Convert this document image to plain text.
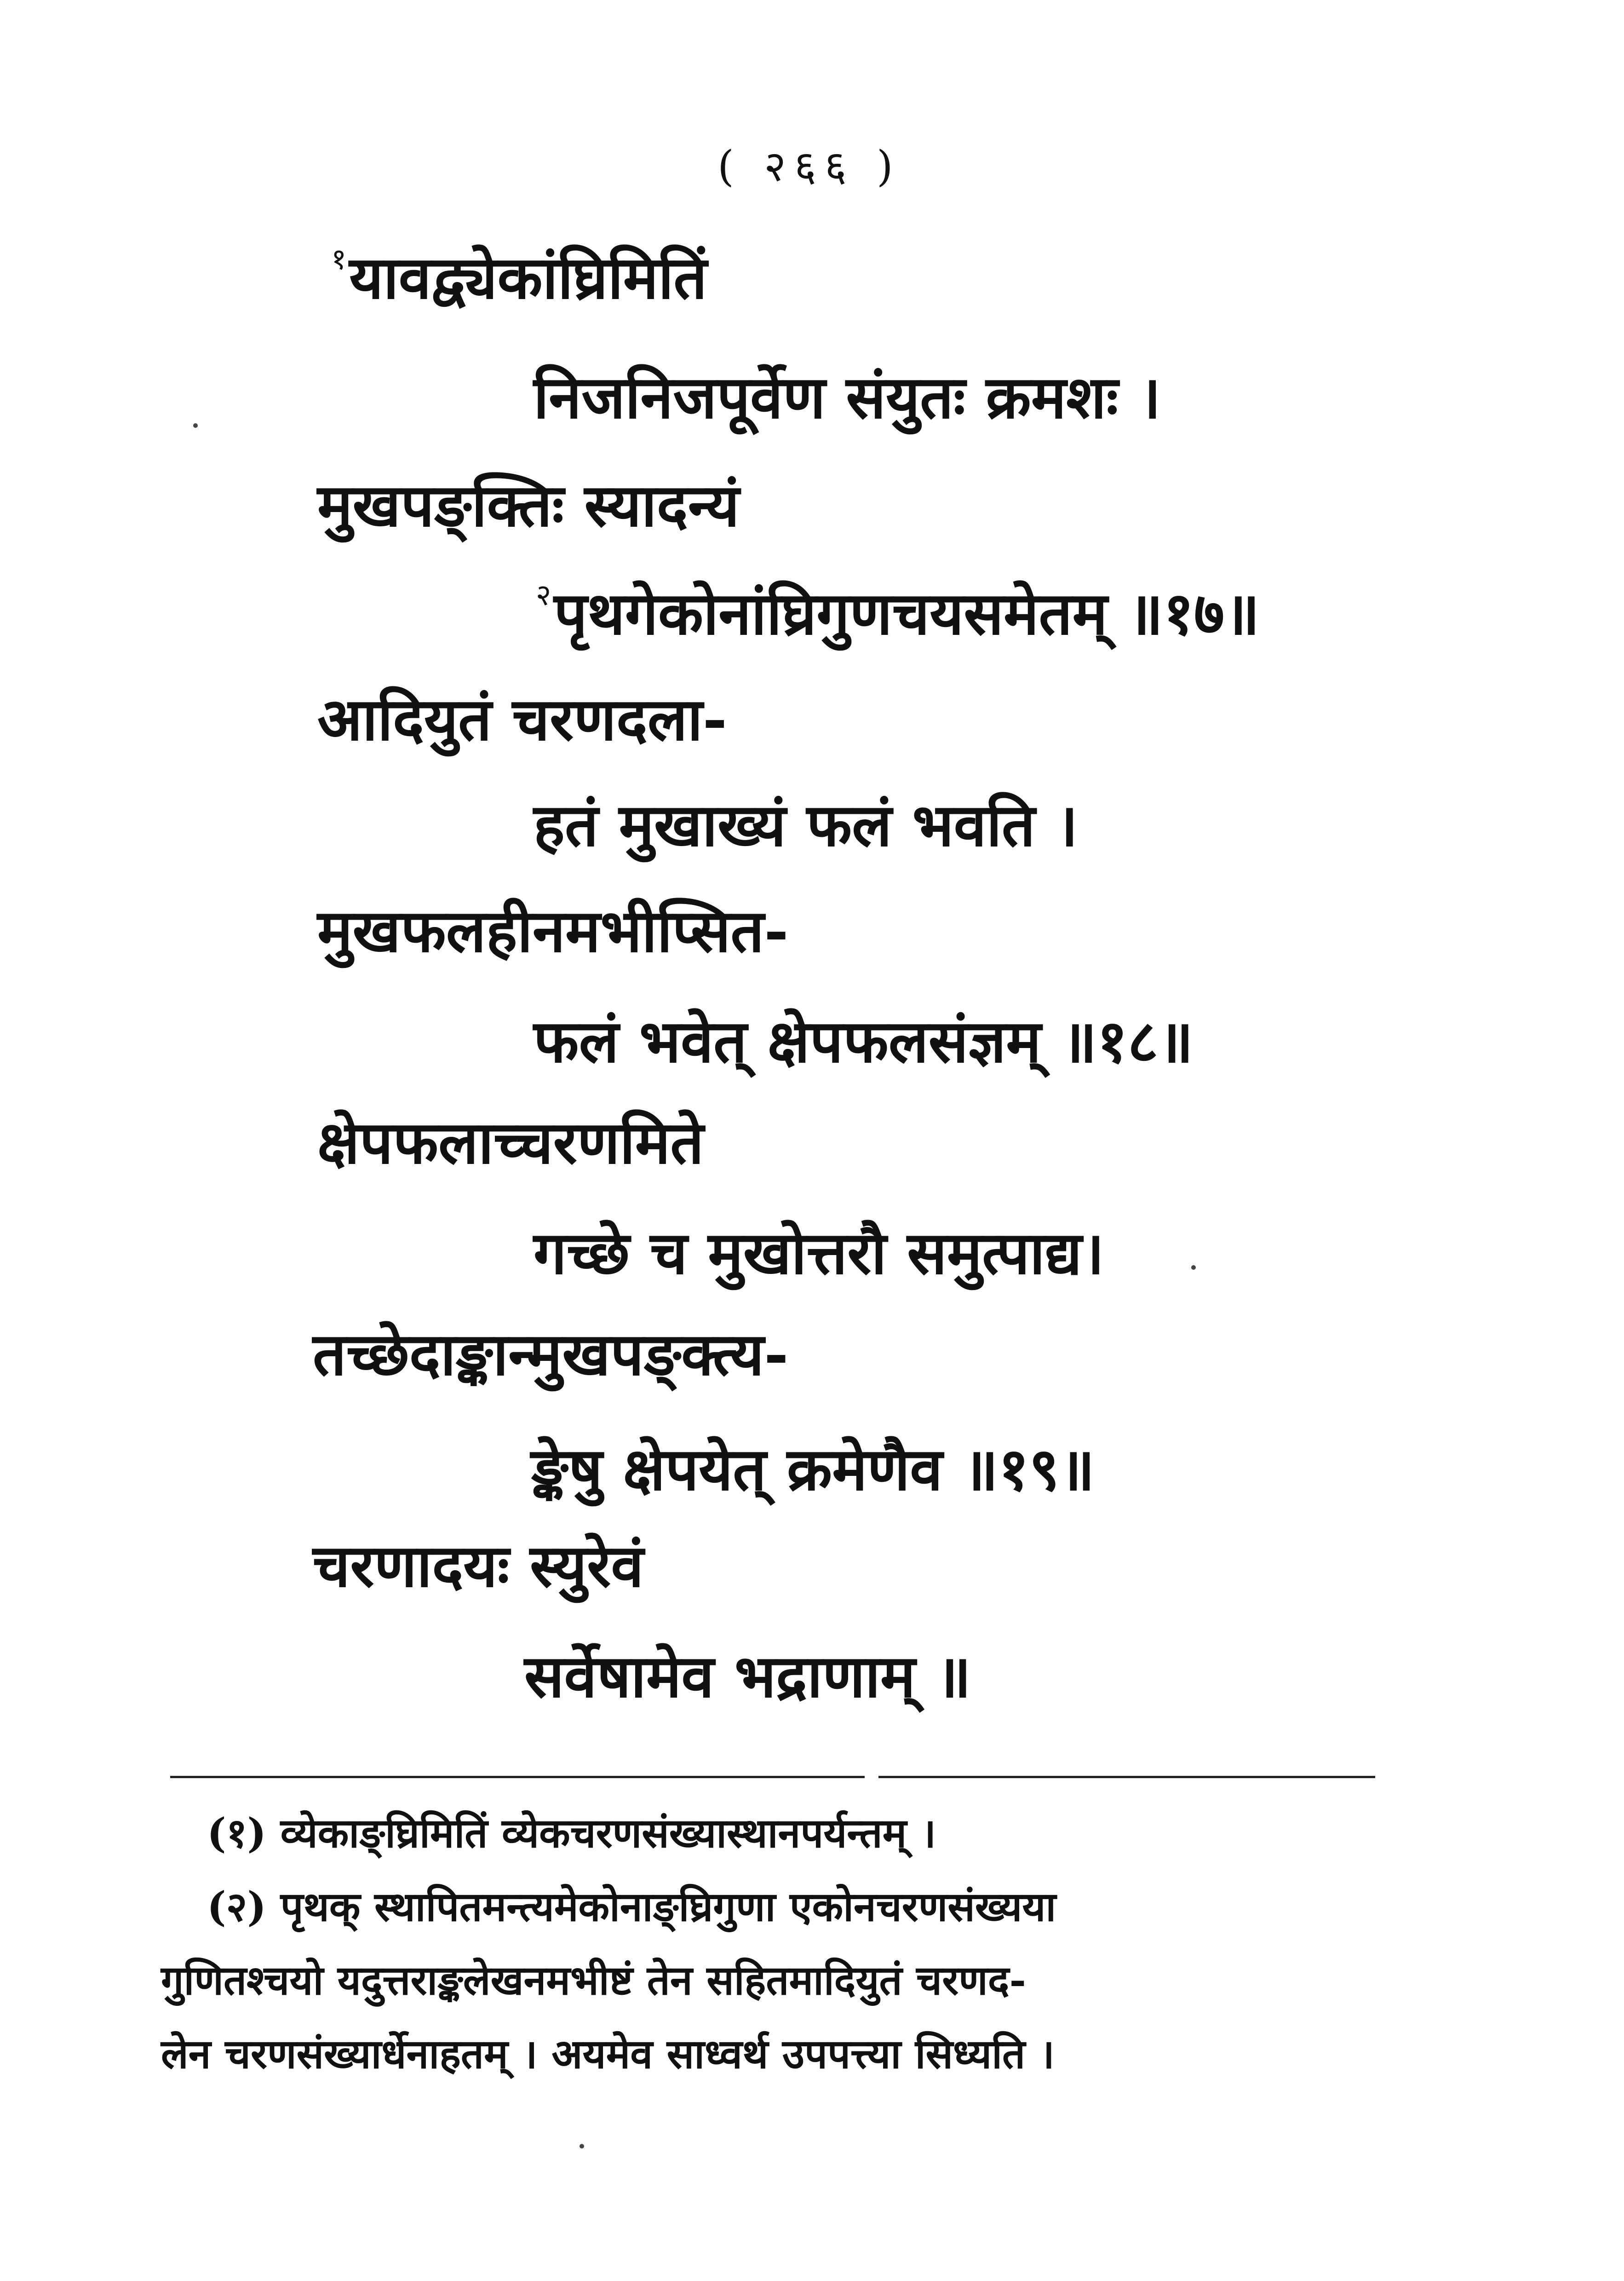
( २६६ )
$^१$यावद्व्येकांघ्रिमितिं
निजनिजपूर्वेण संयुतः क्रमशः ।
मुखपङ्क्तिः स्यादन्यं
$^२$पृथगेकोनांघ्रिगुणचयसमेतम् ॥१७॥
आदियुतं चरणदला-
हतं मुखाख्यं फलं भवति ।
मुखफलहीनमभीप्सित-
फलं भवेत् क्षेपफलसंज्ञम् ॥१८॥
क्षेपफलाच्चरणमिते
गच्छे च मुखोत्तरौ समुत्पाद्य।
तच्छेदाङ्कान्मुखपङ्क्त्य-
ङ्केषु क्षेपयेत् क्रमेणैव ॥१९॥
चरणादयः स्युरेवं
सर्वेषामेव भद्राणाम् ॥
(१) व्येकाङ्घ्रिमितिं व्येकचरणसंख्यास्थानपर्यन्तम् ।
(२) पृथक् स्थापितमन्त्यमेकोनाङ्घ्रिगुणा एकोनचरणसंख्यया
गुणितश्चयो यदुत्तराङ्कलेखनमभीष्टं तेन सहितमादियुतं चरणद-
लेन चरणसंख्यार्धेनाहतम् । अयमेव साध्वर्थ उपपत्त्या सिध्यति ।
